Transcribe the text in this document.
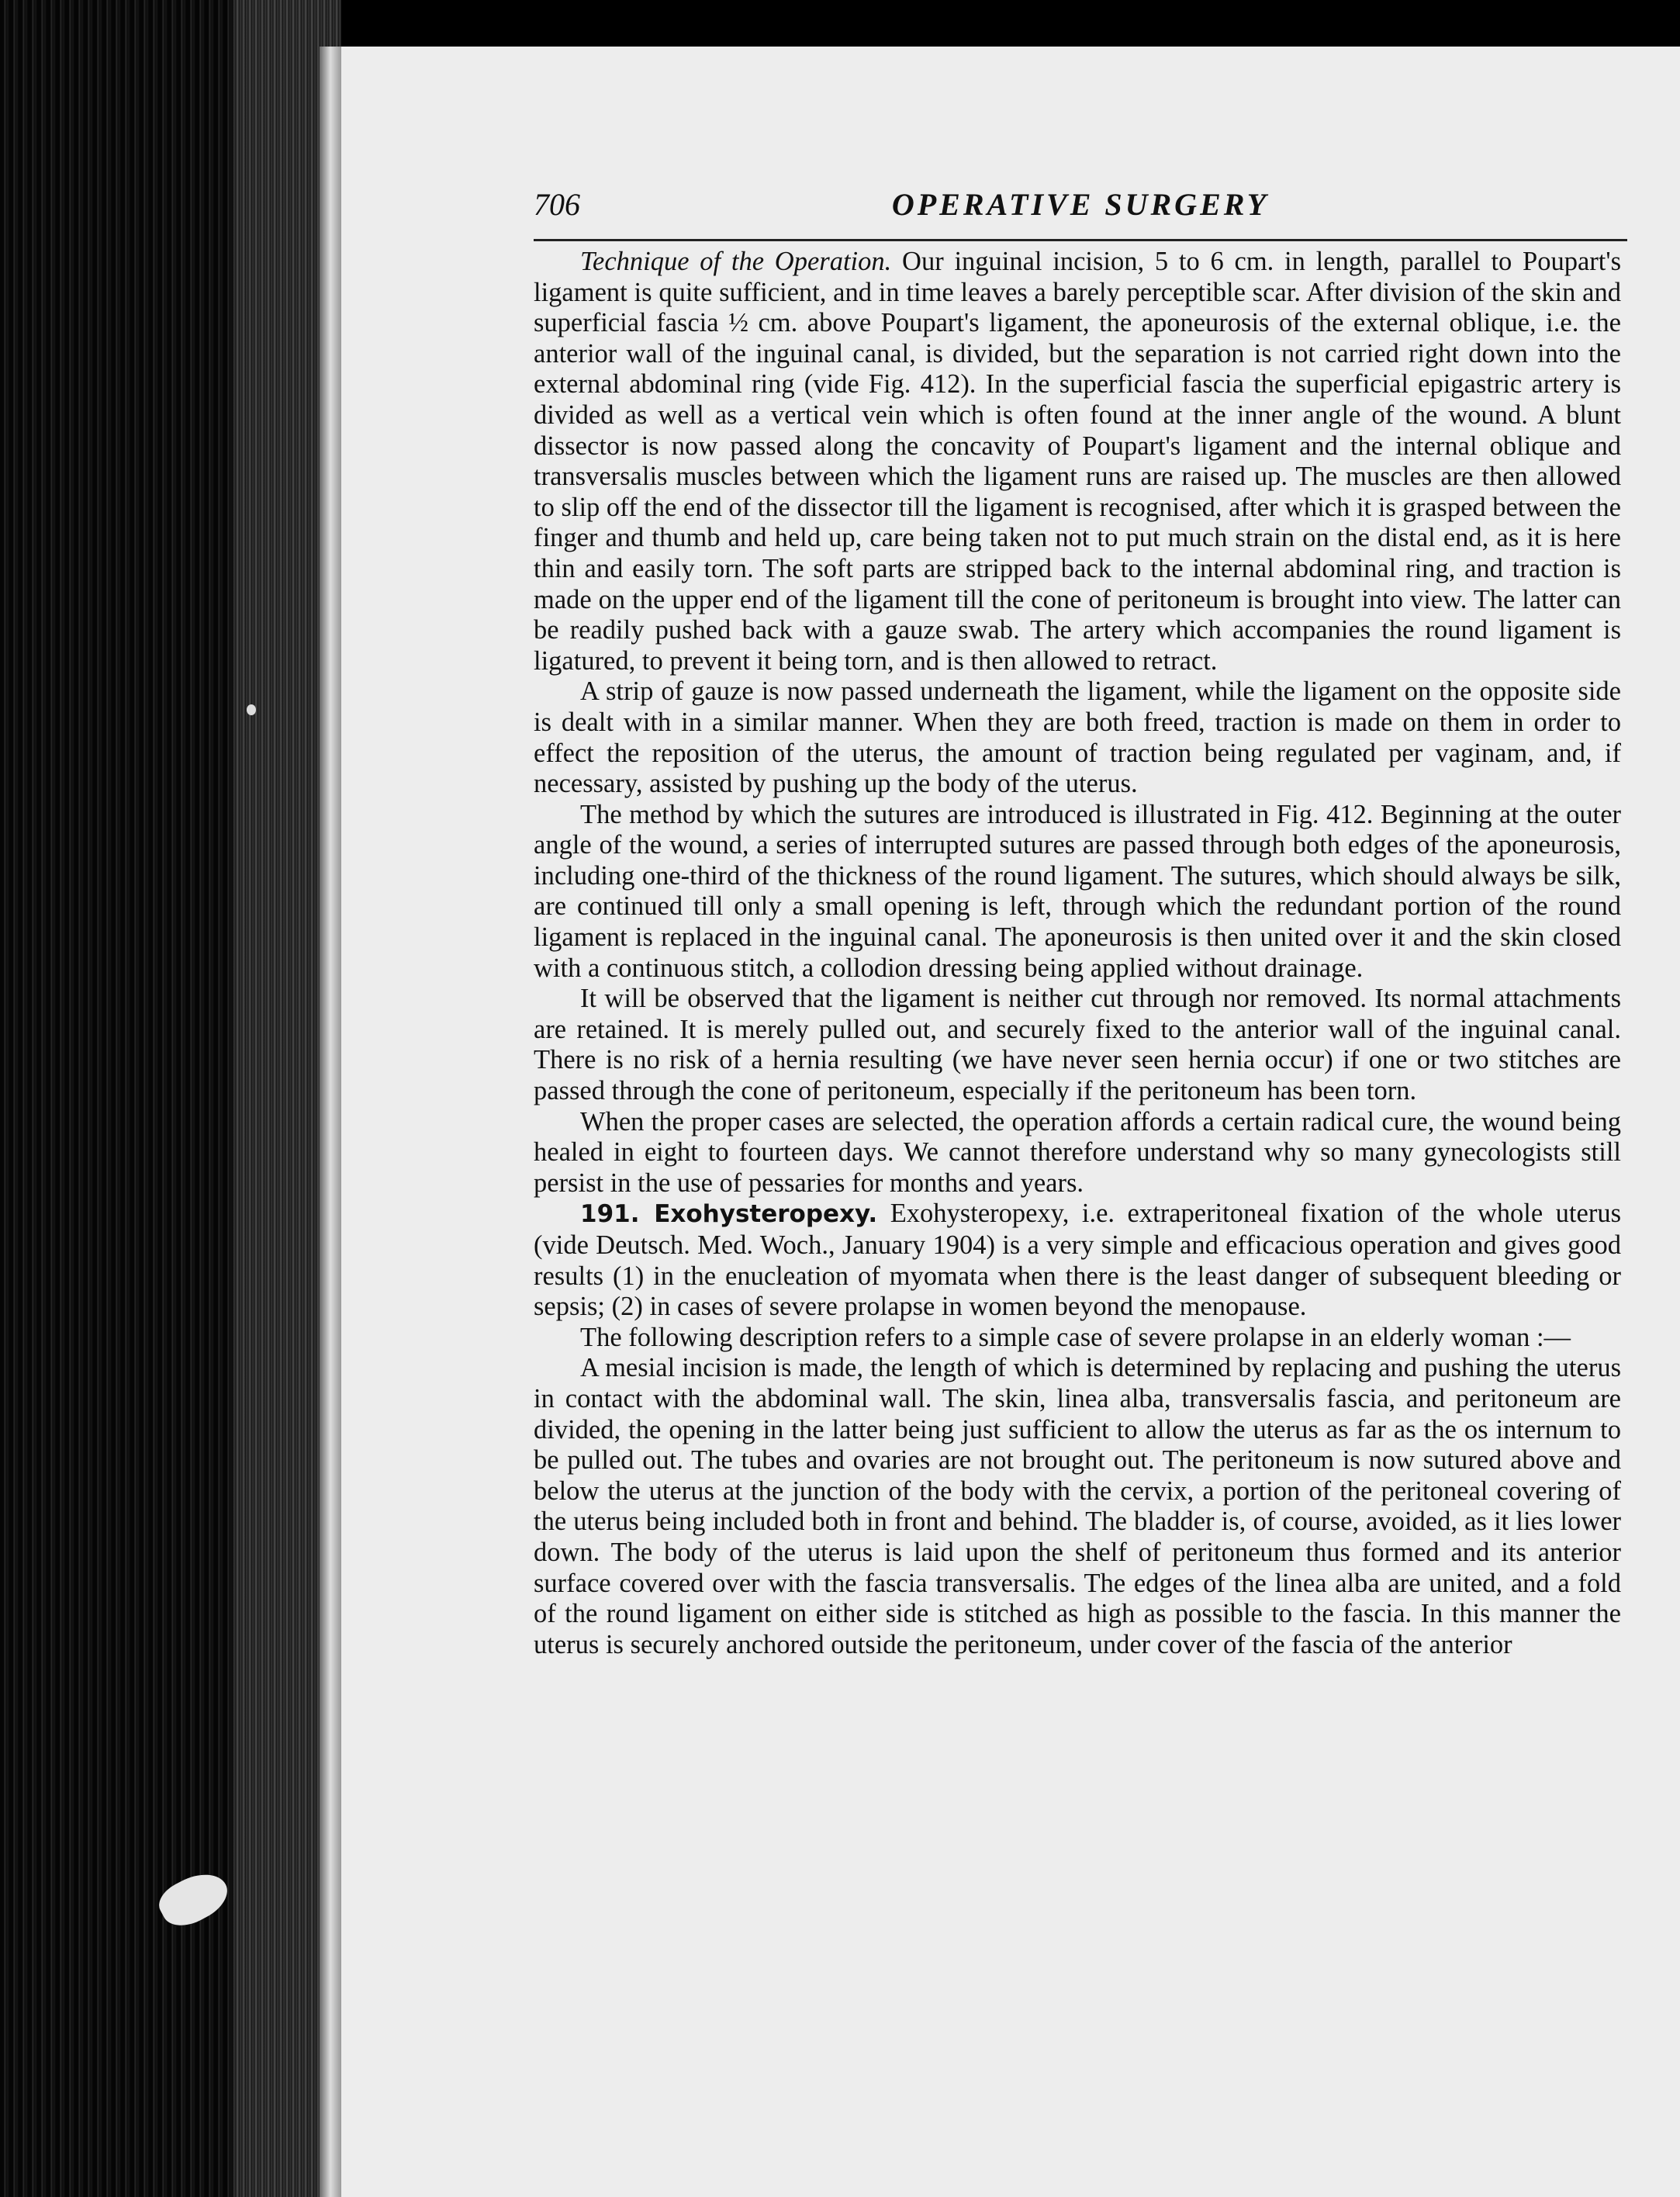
706	OPERATIVE SURGERY

Technique of the Operation. Our inguinal incision, 5 to 6 cm. in length, parallel to Poupart's ligament is quite sufficient, and in time leaves a barely perceptible scar. After division of the skin and superficial fascia ½ cm. above Poupart's ligament, the aponeurosis of the external oblique, i.e. the anterior wall of the inguinal canal, is divided, but the separation is not carried right down into the external abdominal ring (vide Fig. 412). In the superficial fascia the superficial epigastric artery is divided as well as a vertical vein which is often found at the inner angle of the wound. A blunt dissector is now passed along the concavity of Poupart's ligament and the internal oblique and transversalis muscles between which the ligament runs are raised up. The muscles are then allowed to slip off the end of the dissector till the ligament is recognised, after which it is grasped between the finger and thumb and held up, care being taken not to put much strain on the distal end, as it is here thin and easily torn. The soft parts are stripped back to the internal abdominal ring, and traction is made on the upper end of the ligament till the cone of peritoneum is brought into view. The latter can be readily pushed back with a gauze swab. The artery which accompanies the round ligament is ligatured, to prevent it being torn, and is then allowed to retract.

A strip of gauze is now passed underneath the ligament, while the ligament on the opposite side is dealt with in a similar manner. When they are both freed, traction is made on them in order to effect the reposition of the uterus, the amount of traction being regulated per vaginam, and, if necessary, assisted by pushing up the body of the uterus.

The method by which the sutures are introduced is illustrated in Fig. 412. Beginning at the outer angle of the wound, a series of interrupted sutures are passed through both edges of the aponeurosis, including one-third of the thickness of the round ligament. The sutures, which should always be silk, are continued till only a small opening is left, through which the redundant portion of the round ligament is replaced in the inguinal canal. The aponeurosis is then united over it and the skin closed with a continuous stitch, a collodion dressing being applied without drainage.

It will be observed that the ligament is neither cut through nor removed. Its normal attachments are retained. It is merely pulled out, and securely fixed to the anterior wall of the inguinal canal. There is no risk of a hernia resulting (we have never seen hernia occur) if one or two stitches are passed through the cone of peritoneum, especially if the peritoneum has been torn.

When the proper cases are selected, the operation affords a certain radical cure, the wound being healed in eight to fourteen days. We cannot therefore understand why so many gynecologists still persist in the use of pessaries for months and years.

191. Exohysteropexy. Exohysteropexy, i.e. extraperitoneal fixation of the whole uterus (vide Deutsch. Med. Woch., January 1904) is a very simple and efficacious operation and gives good results (1) in the enucleation of myomata when there is the least danger of subsequent bleeding or sepsis; (2) in cases of severe prolapse in women beyond the menopause.

The following description refers to a simple case of severe prolapse in an elderly woman :—

A mesial incision is made, the length of which is determined by replacing and pushing the uterus in contact with the abdominal wall. The skin, linea alba, transversalis fascia, and peritoneum are divided, the opening in the latter being just sufficient to allow the uterus as far as the os internum to be pulled out. The tubes and ovaries are not brought out. The peritoneum is now sutured above and below the uterus at the junction of the body with the cervix, a portion of the peritoneal covering of the uterus being included both in front and behind. The bladder is, of course, avoided, as it lies lower down. The body of the uterus is laid upon the shelf of peritoneum thus formed and its anterior surface covered over with the fascia transversalis. The edges of the linea alba are united, and a fold of the round ligament on either side is stitched as high as possible to the fascia. In this manner the uterus is securely anchored outside the peritoneum, under cover of the fascia of the anterior
